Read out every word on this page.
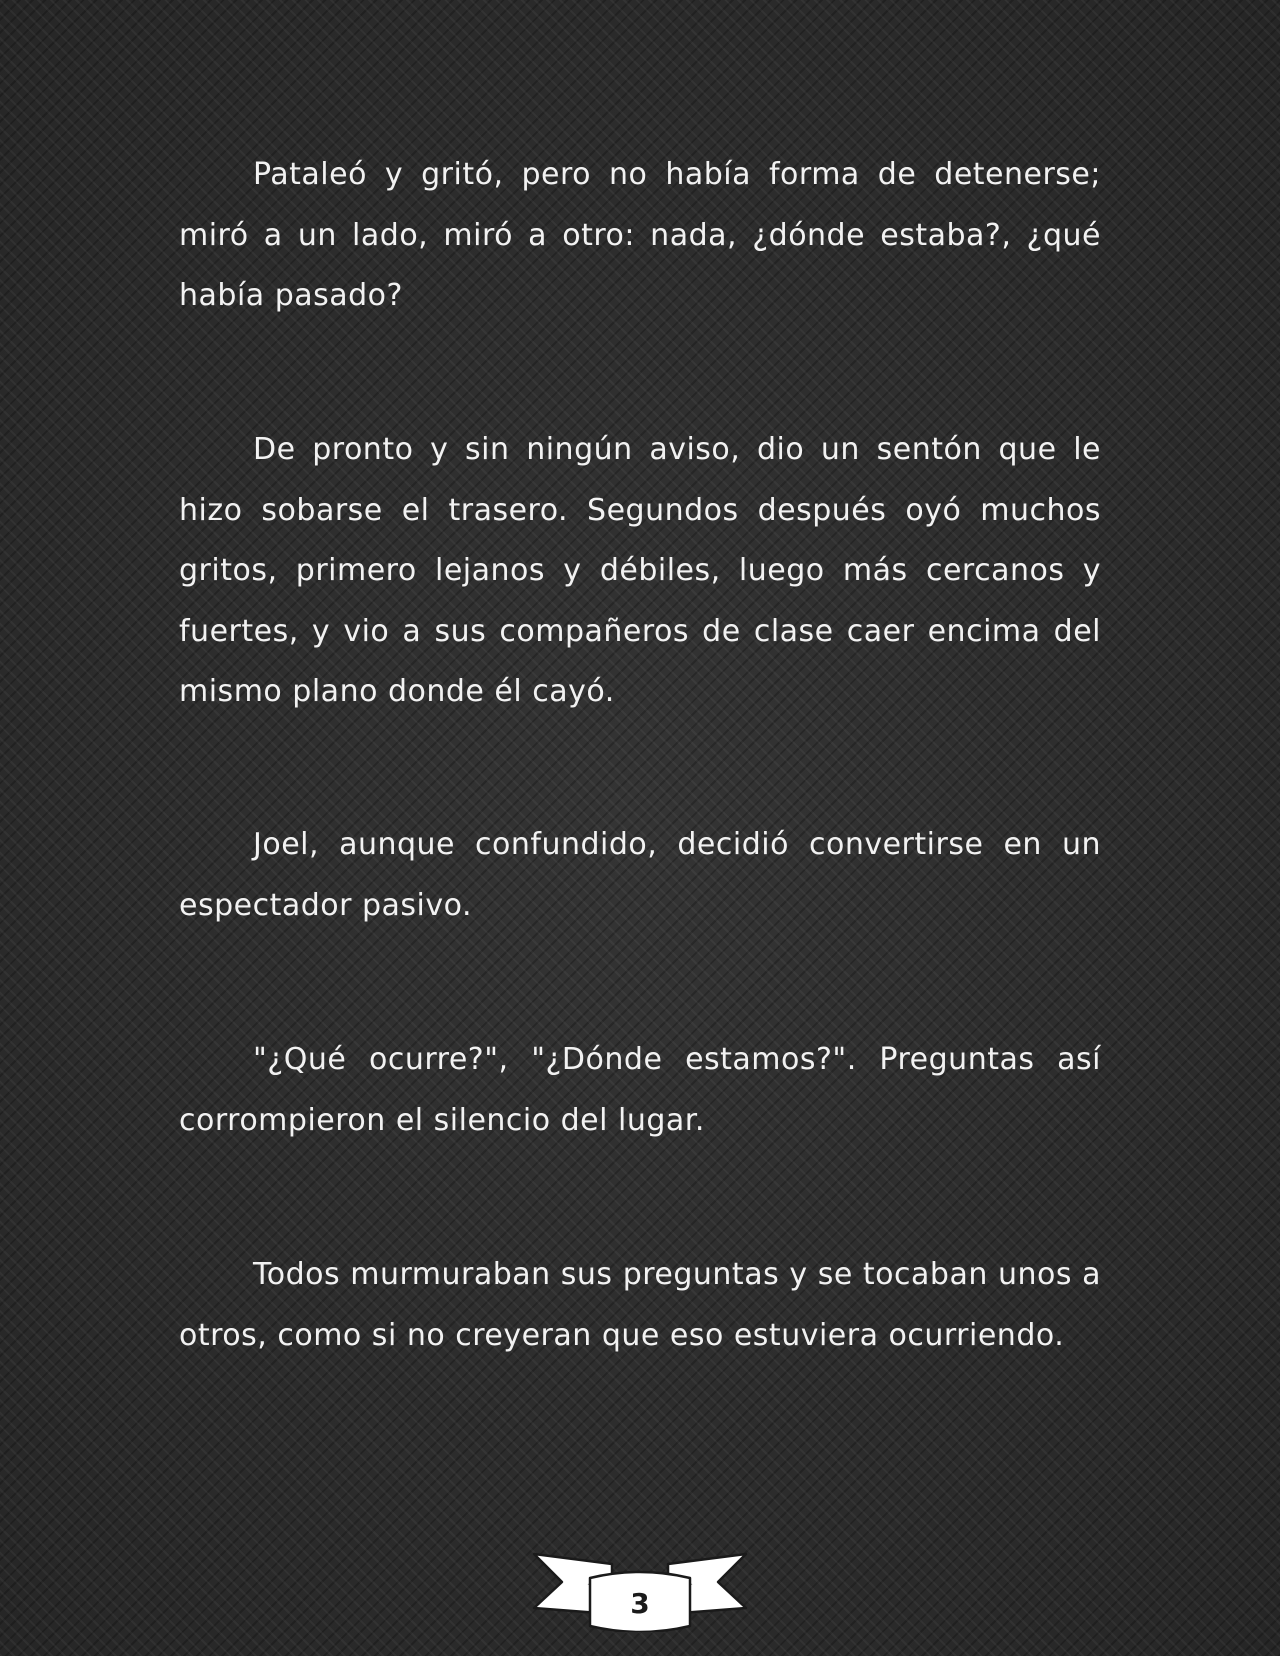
Pataleó y gritó, pero no había forma de detenerse; miró a un lado, miró a otro: nada, ¿dónde estaba?, ¿qué había pasado?

De pronto y sin ningún aviso, dio un sentón que le hizo sobarse el trasero. Segundos después oyó muchos gritos, primero lejanos y débiles, luego más cercanos y fuertes, y vio a sus compañeros de clase caer encima del mismo plano donde él cayó.

Joel, aunque confundido, decidió convertirse en un espectador pasivo.

"¿Qué ocurre?", "¿Dónde estamos?". Preguntas así corrompieron el silencio del lugar.

Todos murmuraban sus preguntas y se tocaban unos a otros, como si no creyeran que eso estuviera ocurriendo.

3
